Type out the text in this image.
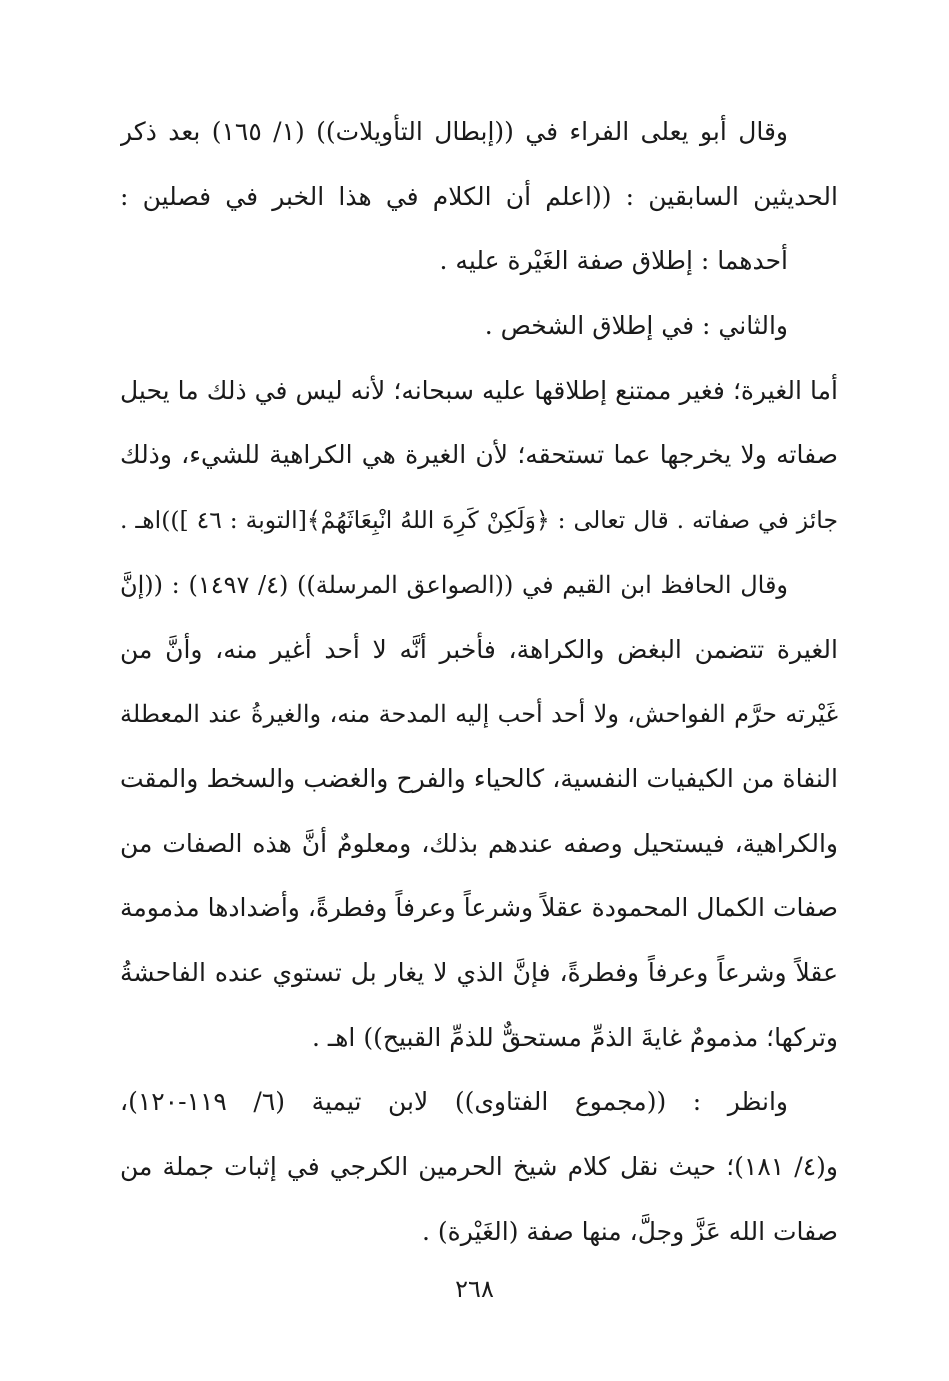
وقال أبو يعلى الفراء في ((إبطال التأويلات)) (١/ ١٦٥) بعد ذكر
الحديثين السابقين : ((اعلم أن الكلام في هذا الخبر في فصلين :
أحدهما : إطلاق صفة الغَيْرة عليه .
والثاني : في إطلاق الشخص .
أما الغيرة؛ فغير ممتنع إطلاقها عليه سبحانه؛ لأنه ليس في ذلك ما يحيل
صفاته ولا يخرجها عما تستحقه؛ لأن الغيرة هي الكراهية للشيء، وذلك
جائز في صفاته . قال تعالى : ﴿وَلَكِنْ كَرِهَ اللهُ انْبِعَاثَهُمْ﴾[التوبة : ٤٦ ]))اهـ .
وقال الحافظ ابن القيم في ((الصواعق المرسلة)) (٤/ ١٤٩٧) : ((إنَّ
الغيرة تتضمن البغض والكراهة، فأخبر أنَّه لا أحد أغير منه، وأنَّ من
غَيْرته حرَّم الفواحش، ولا أحد أحب إليه المدحة منه، والغيرةُ عند المعطلة
النفاة من الكيفيات النفسية، كالحياء والفرح والغضب والسخط والمقت
والكراهية، فيستحيل وصفه عندهم بذلك، ومعلومٌ أنَّ هذه الصفات من
صفات الكمال المحمودة عقلاً وشرعاً وعرفاً وفطرةً، وأضدادها مذمومة
عقلاً وشرعاً وعرفاً وفطرةً، فإنَّ الذي لا يغار بل تستوي عنده الفاحشةُ
وتركها؛ مذمومٌ غايةَ الذمِّ مستحقٌّ للذمِّ القبيح)) اهـ .
وانظر : ((مجموع الفتاوى)) لابن تيمية (٦/ ١١٩-١٢٠)،
و(٤/ ١٨١)؛ حيث نقل كلام شيخ الحرمين الكرجي في إثبات جملة من
صفات الله عَزَّ وجلَّ، منها صفة (الغَيْرة) .
٢٦٨
